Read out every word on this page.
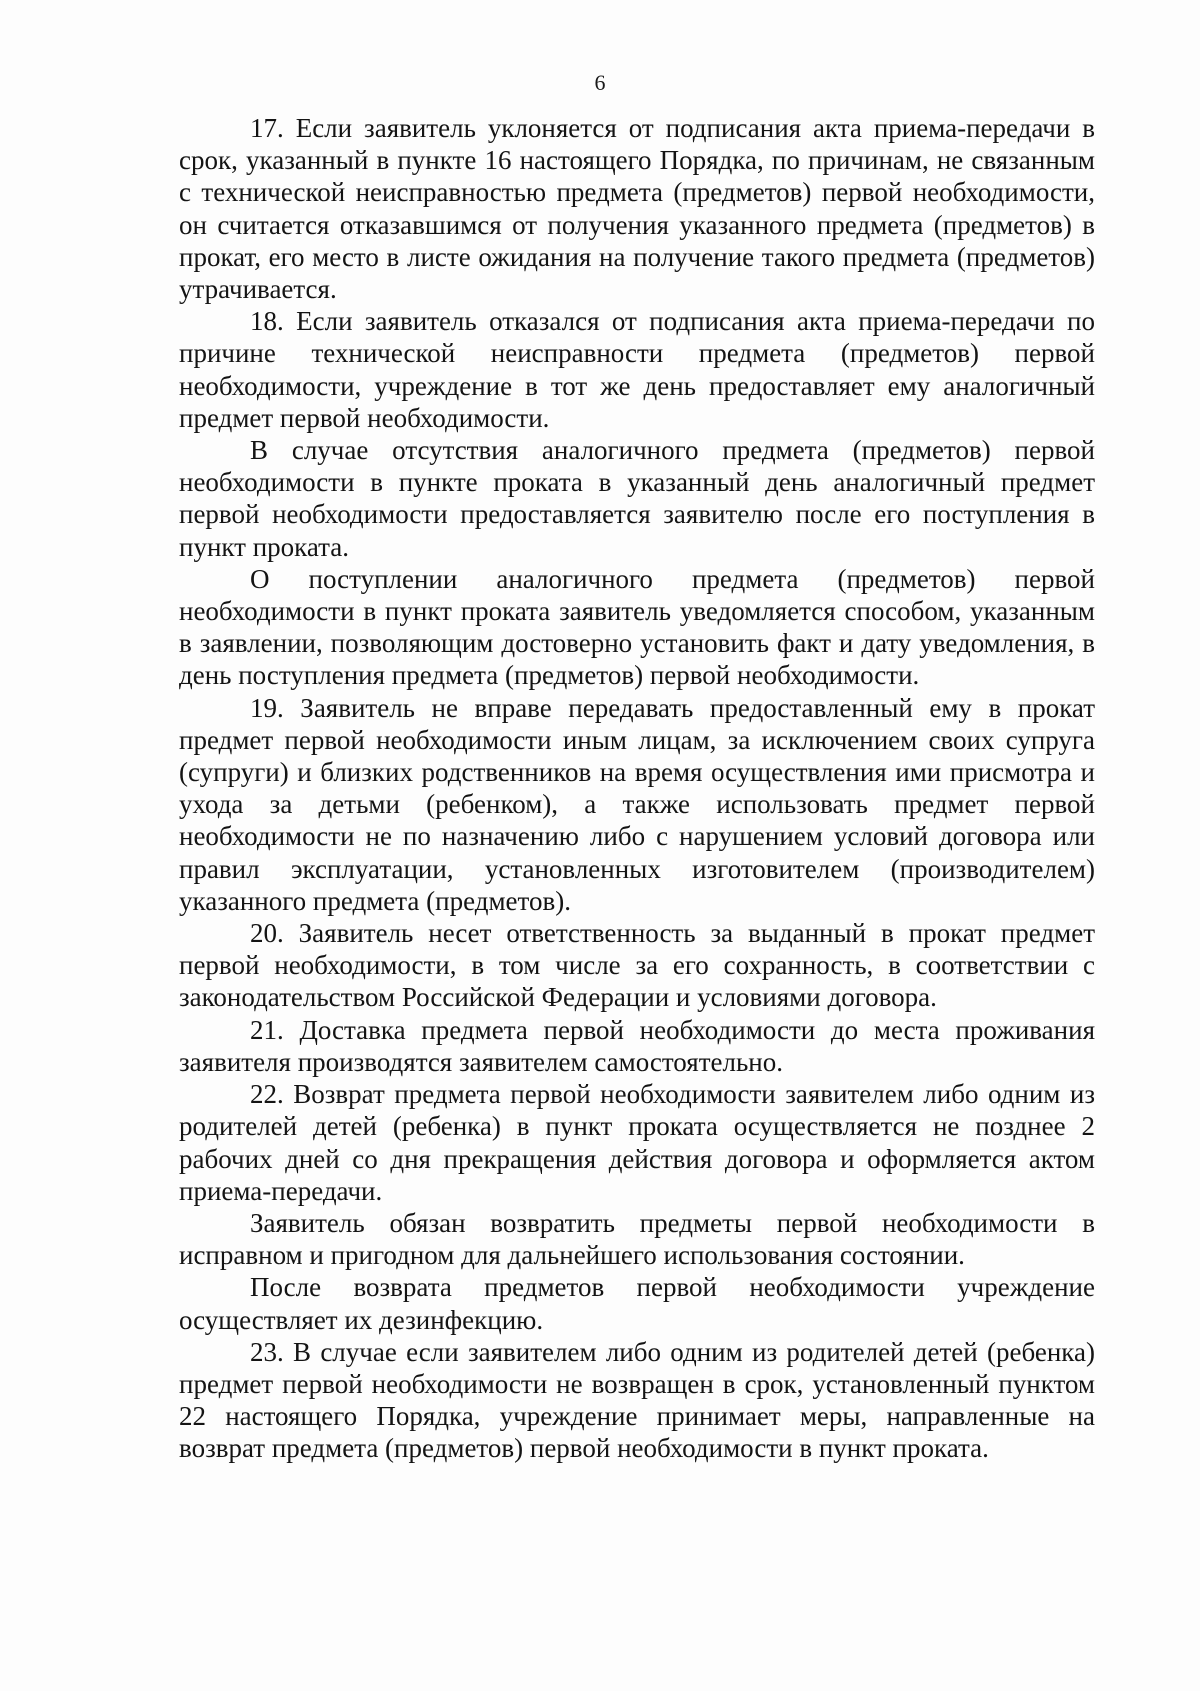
6

17. Если заявитель уклоняется от подписания акта приема-передачи в срок, указанный в пункте 16 настоящего Порядка, по причинам, не связанным с технической неисправностью предмета (предметов) первой необходимости, он считается отказавшимся от получения указанного предмета (предметов) в прокат, его место в листе ожидания на получение такого предмета (предметов) утрачивается.

18. Если заявитель отказался от подписания акта приема-передачи по причине технической неисправности предмета (предметов) первой необходимости, учреждение в тот же день предоставляет ему аналогичный предмет первой необходимости.

В случае отсутствия аналогичного предмета (предметов) первой необходимости в пункте проката в указанный день аналогичный предмет первой необходимости предоставляется заявителю после его поступления в пункт проката.

О поступлении аналогичного предмета (предметов) первой необходимости в пункт проката заявитель уведомляется способом, указанным в заявлении, позволяющим достоверно установить факт и дату уведомления, в день поступления предмета (предметов) первой необходимости.

19. Заявитель не вправе передавать предоставленный ему в прокат предмет первой необходимости иным лицам, за исключением своих супруга (супруги) и близких родственников на время осуществления ими присмотра и ухода за детьми (ребенком), а также использовать предмет первой необходимости не по назначению либо с нарушением условий договора или правил эксплуатации, установленных изготовителем (производителем) указанного предмета (предметов).

20. Заявитель несет ответственность за выданный в прокат предмет первой необходимости, в том числе за его сохранность, в соответствии с законодательством Российской Федерации и условиями договора.

21. Доставка предмета первой необходимости до места проживания заявителя производятся заявителем самостоятельно.

22. Возврат предмета первой необходимости заявителем либо одним из родителей детей (ребенка) в пункт проката осуществляется не позднее 2 рабочих дней со дня прекращения действия договора и оформляется актом приема-передачи.

Заявитель обязан возвратить предметы первой необходимости в исправном и пригодном для дальнейшего использования состоянии.

После возврата предметов первой необходимости учреждение осуществляет их дезинфекцию.

23. В случае если заявителем либо одним из родителей детей (ребенка) предмет первой необходимости не возвращен в срок, установленный пунктом 22 настоящего Порядка, учреждение принимает меры, направленные на возврат предмета (предметов) первой необходимости в пункт проката.
